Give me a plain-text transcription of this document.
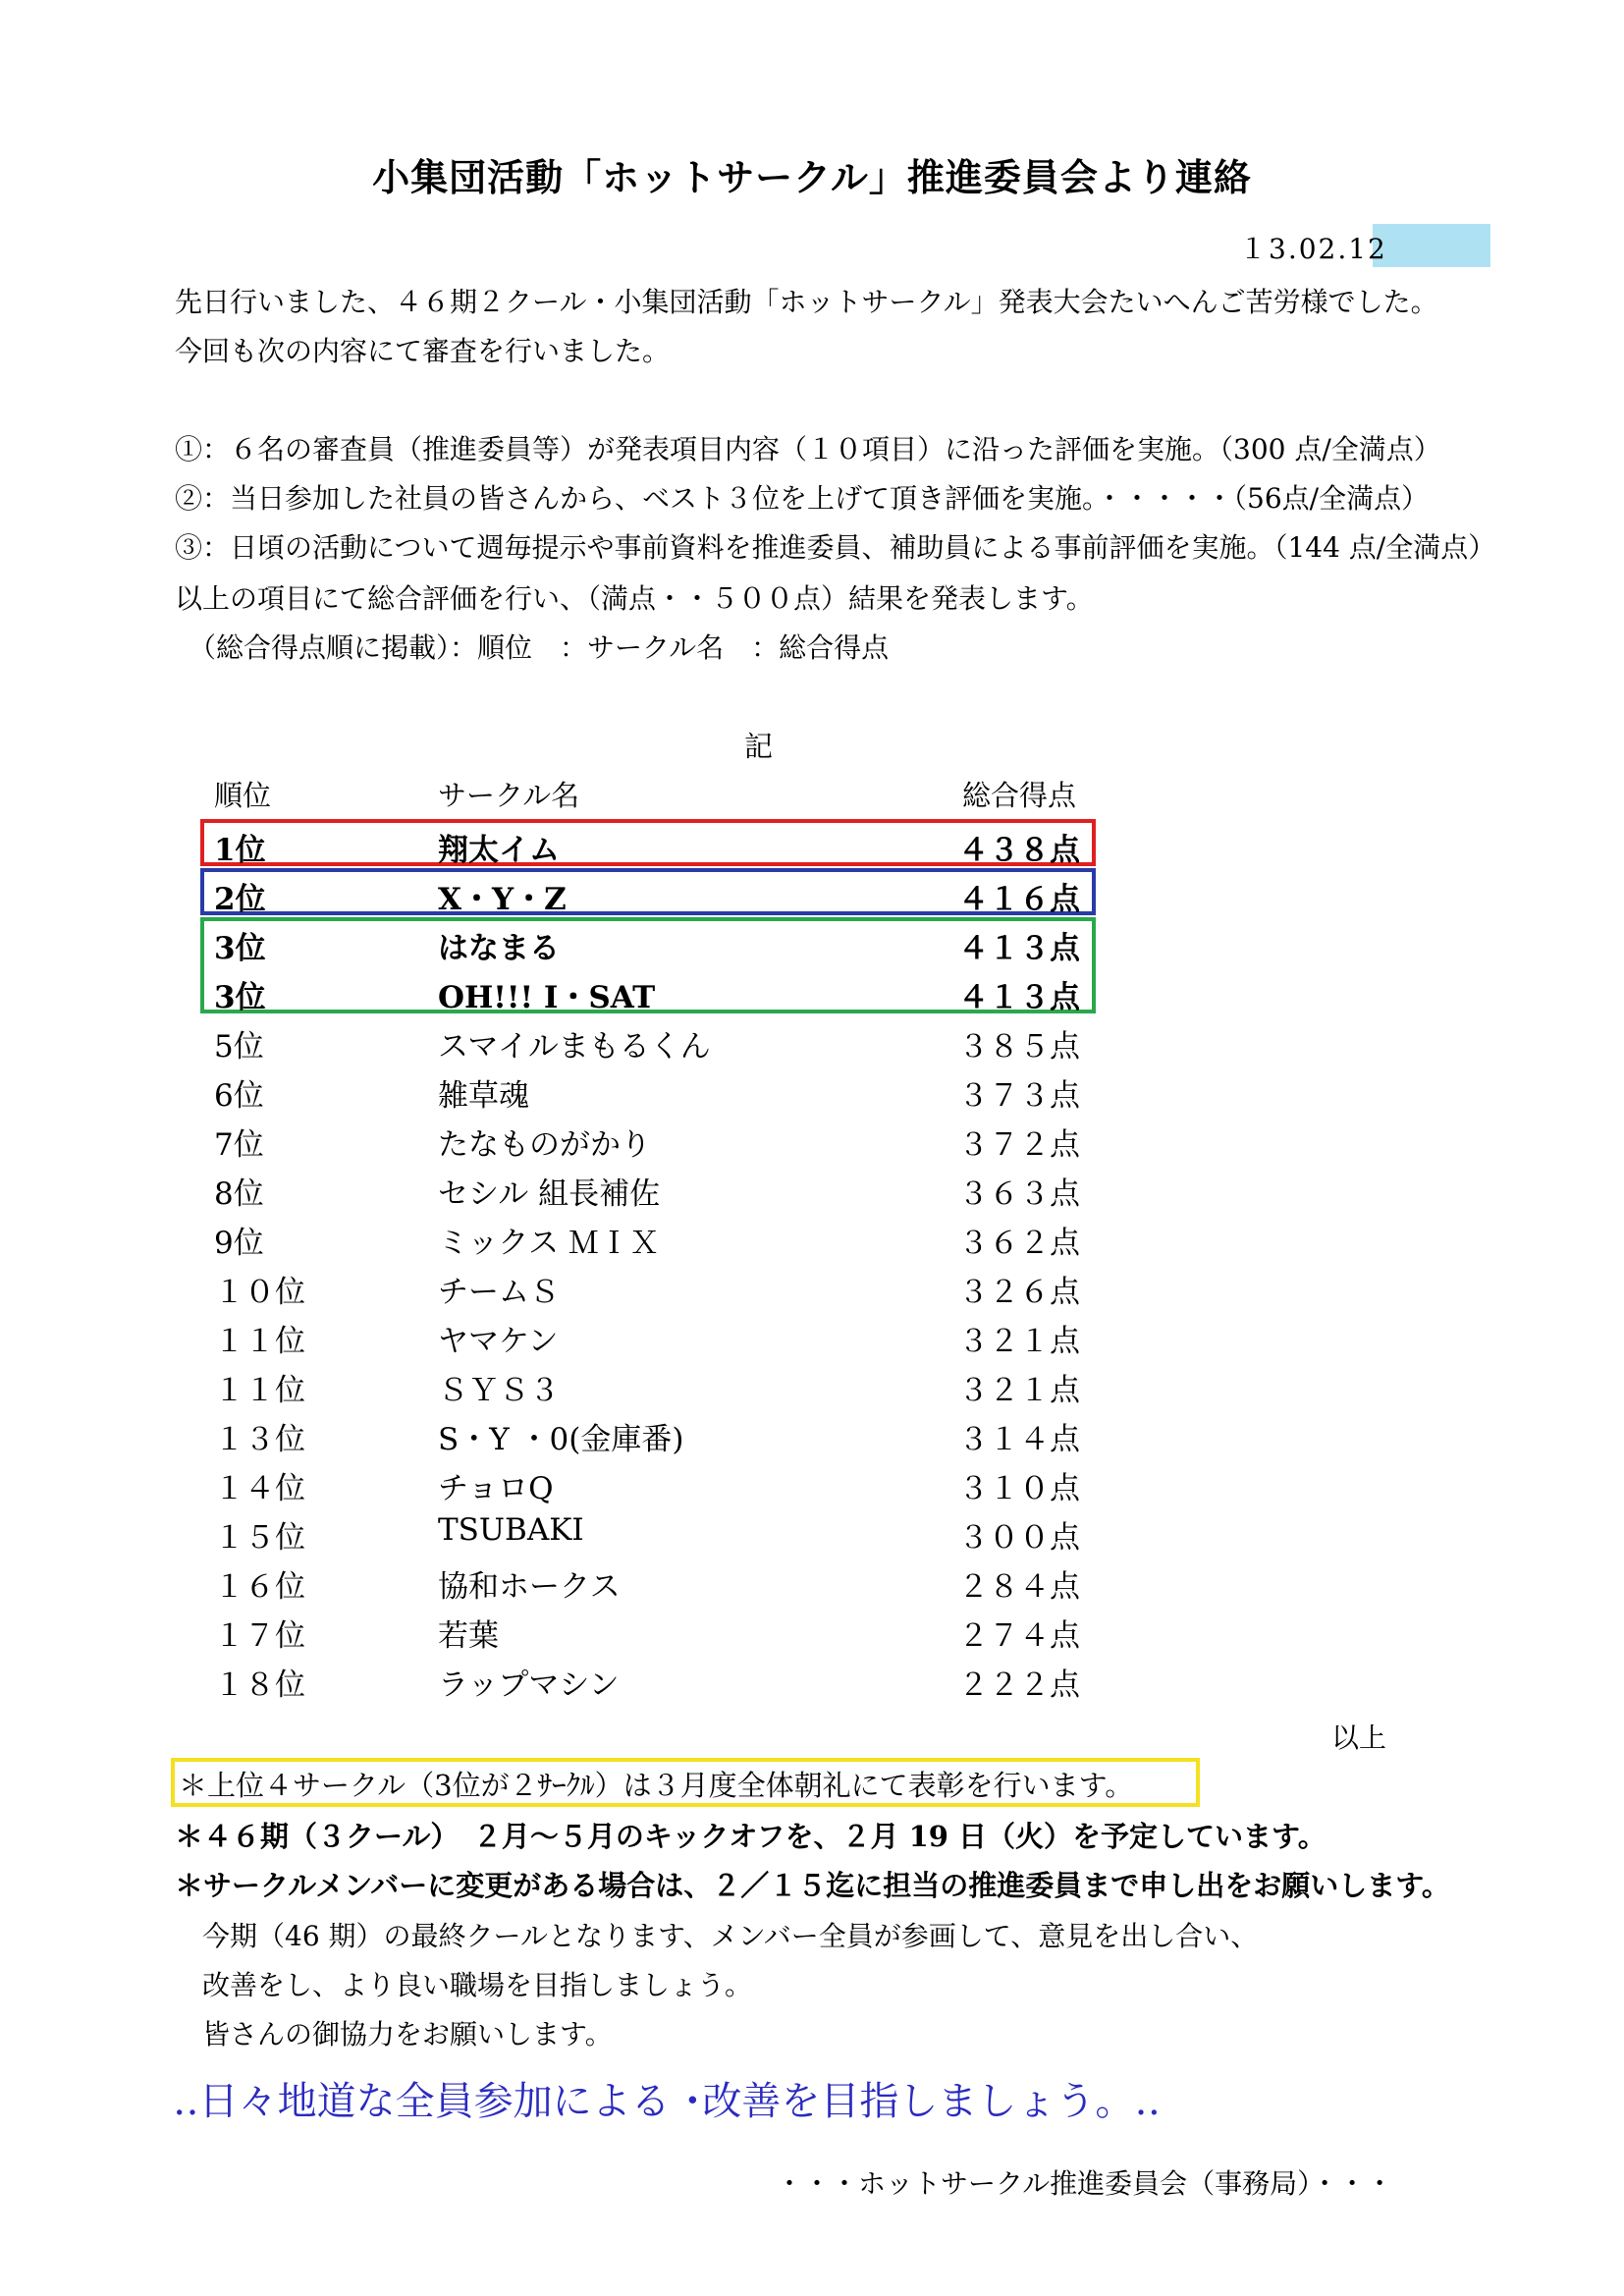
小集団活動「ホットサークル」推進委員会より連絡
１3.02.12
先日行いました、４６期２クール・小集団活動「ホットサークル」発表大会たいへんご苦労様でした。
今回も次の内容にて審査を行いました。
①：６名の審査員（推進委員等）が発表項目内容（１０項目）に沿った評価を実施。（300 点/全満点）
②：当日参加した社員の皆さんから、ベスト３位を上げて頂き評価を実施。・・・・・（56点/全満点）
③：日頃の活動について週毎提示や事前資料を推進委員、補助員による事前評価を実施。（144 点/全満点）
以上の項目にて総合評価を行い、（満点・・５００点）結果を発表します。
（総合得点順に掲載）：順位　：サークル名　：総合得点
記
順位	サークル名	総合得点
1位	翔太イム	４３８点
2位	X・Y・Z	４１６点
3位	はなまる	４１３点
3位	OH!!! I・SAT	４１３点
5位	スマイルまもるくん	３８５点
6位	雑草魂	３７３点
7位	たなものがかり	３７２点
8位	セシル 組長補佐	３６３点
9位	ミックス ＭＩＸ	３６２点
１０位	チームＳ	３２６点
１１位	ヤマケン	３２１点
１１位	ＳＹＳ３	３２１点
１３位	S・Y ・0(金庫番)	３１４点
１４位	チョロQ	３１０点
１５位	TSUBAKI	３００点
１６位	協和ホークス	２８４点
１７位	若葉	２７４点
１８位	ラップマシン	２２２点
以上
＊上位４サークル（3位が２ｻｰｸﾙ）は３月度全体朝礼にて表彰を行います。
＊４６期（３クール）　２月～５月のキックオフを、２月 19 日（火）を予定しています。
＊サークルメンバーに変更がある場合は、２／１５迄に担当の推進委員まで申し出をお願いします。
今期（46 期）の最終クールとなります、メンバー全員が参画して、意見を出し合い、
改善をし、より良い職場を目指しましょう。
皆さんの御協力をお願いします。
‥日々地道な全員参加による ･改善を目指しましょう。‥
・・・ホットサークル推進委員会（事務局）・・・
